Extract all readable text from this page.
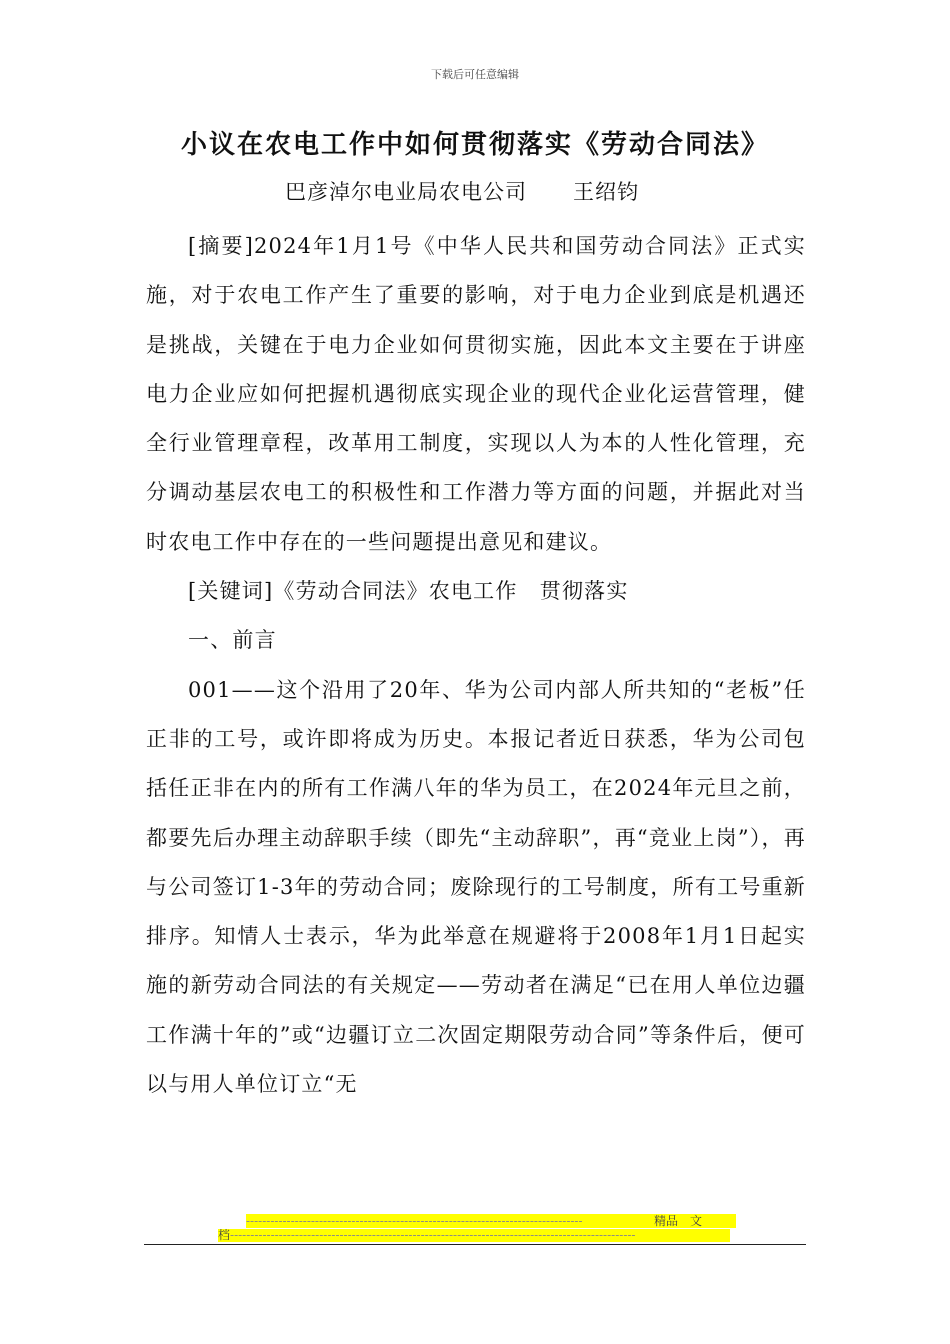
下载后可任意编辑
小议在农电工作中如何贯彻落实《劳动合同法》
巴彦淖尔电业局农电公司 王绍钧

[摘要]2024年1月1号《中华人民共和国劳动合同法》正式实施，对于农电工作产生了重要的影响，对于电力企业到底是机遇还是挑战，关键在于电力企业如何贯彻实施，因此本文主要在于讲座电力企业应如何把握机遇彻底实现企业的现代企业化运营管理，健全行业管理章程，改革用工制度，实现以人为本的人性化管理，充分调动基层农电工的积极性和工作潜力等方面的问题，并据此对当时农电工作中存在的一些问题提出意见和建议。

[关键词]《劳动合同法》农电工作　贯彻落实

一、前言

001——这个沿用了20年、华为公司内部人所共知的“老板”任正非的工号，或许即将成为历史。本报记者近日获悉，华为公司包括任正非在内的所有工作满八年的华为员工，在2024年元旦之前，都要先后办理主动辞职手续（即先“主动辞职”，再“竞业上岗”），再与公司签订1-3年的劳动合同；废除现行的工号制度，所有工号重新排序。知情人士表示，华为此举意在规避将于2008年1月1日起实施的新劳动合同法的有关规定——劳动者在满足“已在用人单位边疆工作满十年的”或“边疆订立二次固定期限劳动合同”等条件后，便可以与用人单位订立“无

-----------------------------------------------------------------------------------
档----------------------------------------------------------------------------------------------------
精品　文
